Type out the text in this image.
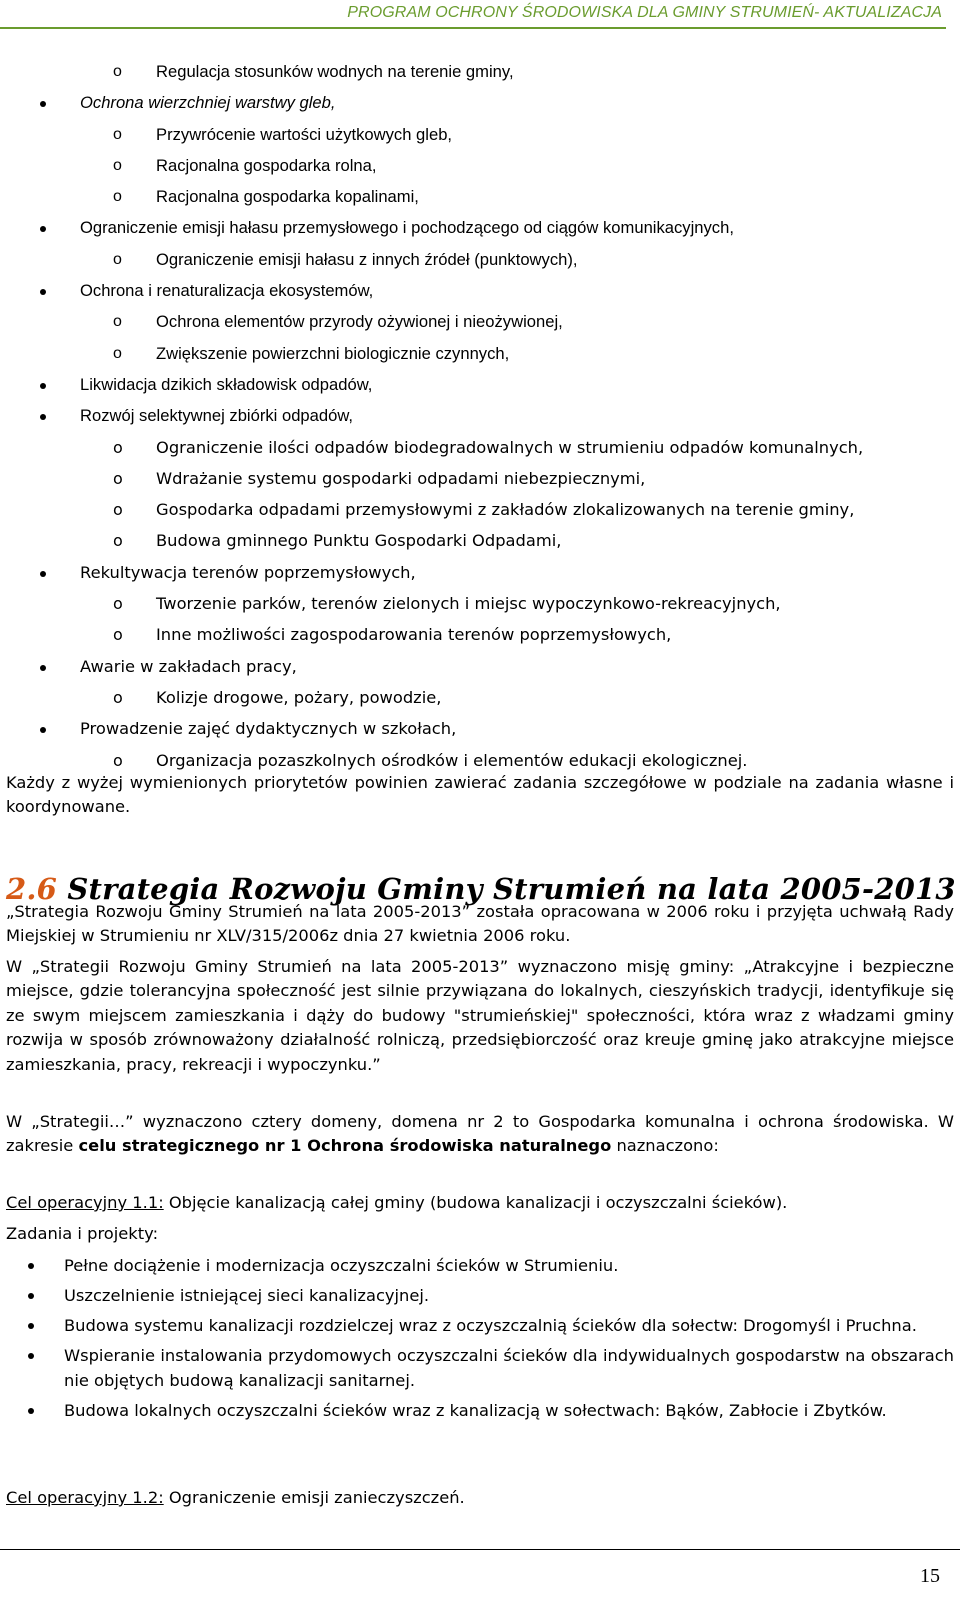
PROGRAM OCHRONY ŚRODOWISKA DLA GMINY STRUMIEŃ- AKTUALIZACJA
o Regulacja stosunków wodnych na terenie gminy,
Ochrona wierzchniej warstwy gleb,
o Przywrócenie wartości użytkowych gleb,
o Racjonalna gospodarka rolna,
o Racjonalna gospodarka kopalinami,
Ograniczenie emisji hałasu przemysłowego i pochodzącego od ciągów komunikacyjnych,
o Ograniczenie emisji hałasu z innych źródeł (punktowych),
Ochrona i renaturalizacja ekosystemów,
o Ochrona elementów przyrody ożywionej i nieożywionej,
o Zwiększenie powierzchni biologicznie czynnych,
Likwidacja dzikich składowisk odpadów,
Rozwój selektywnej zbiórki odpadów,
o Ograniczenie ilości odpadów biodegradowalnych w strumieniu odpadów komunalnych,
o Wdrażanie systemu gospodarki odpadami niebezpiecznymi,
o Gospodarka odpadami przemysłowymi z zakładów zlokalizowanych na terenie gminy,
o Budowa gminnego Punktu Gospodarki Odpadami,
Rekultywacja terenów poprzemysłowych,
o Tworzenie parków, terenów zielonych i miejsc wypoczynkowo-rekreacyjnych,
o Inne możliwości zagospodarowania terenów poprzemysłowych,
Awarie w zakładach pracy,
o Kolizje drogowe, pożary, powodzie,
Prowadzenie zajęć dydaktycznych w szkołach,
o Organizacja pozaszkolnych ośrodków i elementów edukacji ekologicznej.
Każdy z wyżej wymienionych priorytetów powinien zawierać zadania szczegółowe w podziale na zadania własne i koordynowane.
2.6 Strategia Rozwoju Gminy Strumień na lata 2005-2013
„Strategia Rozwoju Gminy Strumień na lata 2005-2013” została opracowana w 2006 roku i przyjęta uchwałą Rady Miejskiej w Strumieniu nr XLV/315/2006z dnia 27 kwietnia 2006 roku.
W „Strategii Rozwoju Gminy Strumień na lata 2005-2013” wyznaczono misję gminy: „Atrakcyjne i bezpieczne miejsce, gdzie tolerancyjna społeczność jest silnie przywiązana do lokalnych, cieszyńskich tradycji, identyfikuje się ze swym miejscem zamieszkania i dąży do budowy "strumieńskiej" społeczności, która wraz z władzami gminy rozwija w sposób zrównoważony działalność rolniczą, przedsiębiorczość oraz kreuje gminę jako atrakcyjne miejsce zamieszkania, pracy, rekreacji i wypoczynku.”
W „Strategii…” wyznaczono cztery domeny, domena nr 2 to Gospodarka komunalna i ochrona środowiska. W zakresie celu strategicznego nr 1 Ochrona środowiska naturalnego naznaczono:
Cel operacyjny 1.1: Objęcie kanalizacją całej gminy (budowa kanalizacji i oczyszczalni ścieków).
Zadania i projekty:
Pełne dociążenie i modernizacja oczyszczalni ścieków w Strumieniu.
Uszczelnienie istniejącej sieci kanalizacyjnej.
Budowa systemu kanalizacji rozdzielczej wraz z oczyszczalnią ścieków dla sołectw: Drogomyśl i Pruchna.
Wspieranie instalowania przydomowych oczyszczalni ścieków dla indywidualnych gospodarstw na obszarach nie objętych budową kanalizacji sanitarnej.
Budowa lokalnych oczyszczalni ścieków wraz z kanalizacją w sołectwach: Bąków, Zabłocie i Zbytków.
Cel operacyjny 1.2: Ograniczenie emisji zanieczyszczeń.
15
